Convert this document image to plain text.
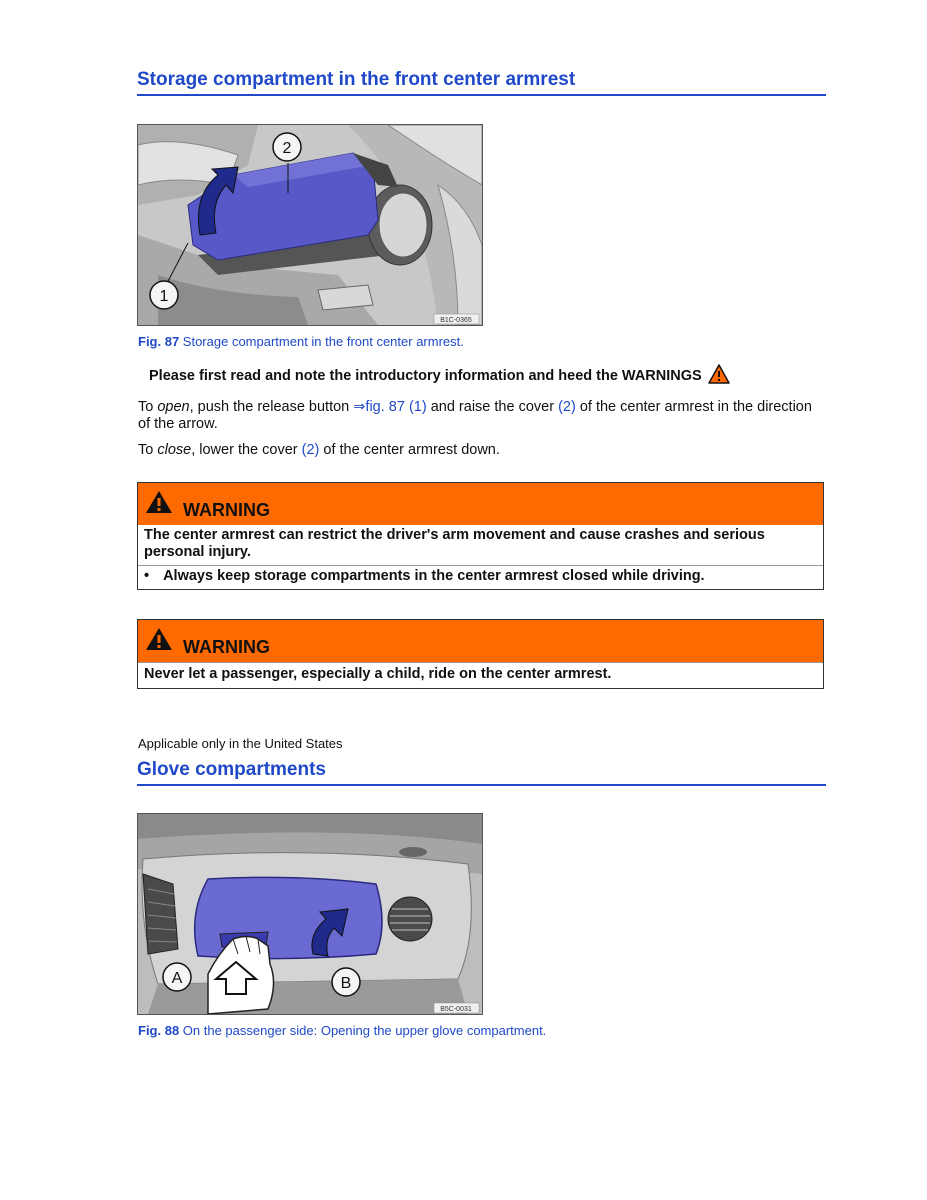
Storage compartment in the front center armrest
2
1
B1C-0365
Fig. 87 Storage compartment in the front center armrest.
Please first read and note the introductory information and heed the WARNINGS
To open, push the release button ⇒fig. 87 (1) and raise the cover (2) of the center armrest in the direction of the arrow.
To close, lower the cover (2) of the center armrest down.
WARNING
The center armrest can restrict the driver's arm movement and cause crashes and serious personal injury.
• Always keep storage compartments in the center armrest closed while driving.
WARNING
Never let a passenger, especially a child, ride on the center armrest.
Applicable only in the United States
Glove compartments
A	B
B5C-0031
Fig. 88 On the passenger side: Opening the upper glove compartment.
